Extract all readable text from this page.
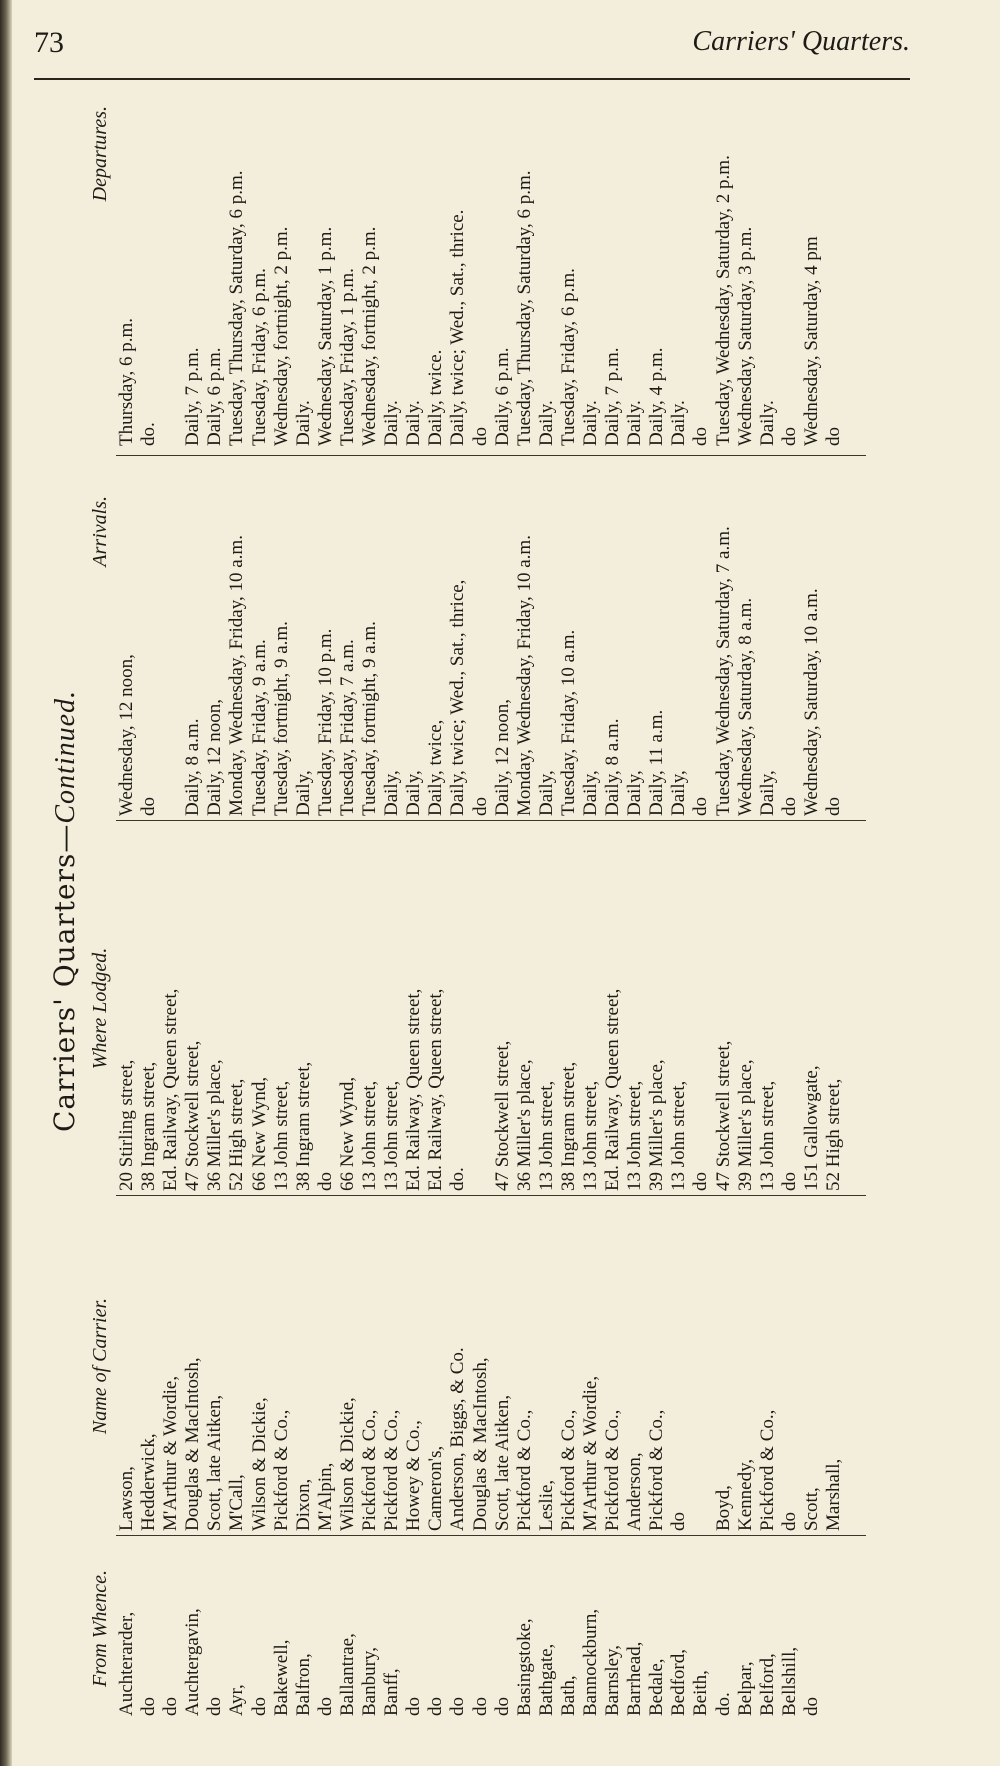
73	Carriers' Quarters.
Carriers' Quarters—Continued.
From Whence. Auchterarder, do do Auchtergavin, do Ayr, do Bakewell, Balfron, do Ballantrae, Banbury, Banff, do do do do do Basingstoke, Bathgate, Bath, Bannockburn, Barnsley, Barrhead, Bedale, Bedford, Beith, do. Belpar, Belford, Bellshill, do
Name of Carrier.
Lawson, Hedderwick, M'Arthur & Wordie, Douglas & MacIntosh, Scott, late Aitken, M'Call, Wilson & Dickie, Pickford & Co., Dixon, M'Alpin, Wilson & Dickie, Pickford & Co., Pickford & Co., Howey & Co., Cameron's, Anderson, Biggs, & Co. Douglas & MacIntosh, Scott, late Aitken, Pickford & Co., Leslie, Pickford & Co., M'Arthur & Wordie, Pickford & Co., Anderson, Pickford & Co., do Boyd, Kennedy, Pickford & Co., do Scott, Marshall,
Where Lodged.
20 Stirling street, 38 Ingram street, Ed. Railway, Queen street, 47 Stockwell street, 36 Miller's place, 52 High street, 66 New Wynd, 13 John street, 38 Ingram street, do 66 New Wynd, 13 John street, 13 John street, Ed. Railway, Queen street, Ed. Railway, Queen street, do. 47 Stockwell street, 36 Miller's place, 13 John street, 38 Ingram street, 13 John street, Ed. Railway, Queen street, 13 John street, 39 Miller's place, 13 John street, do 47 Stockwell street, 39 Miller's place, 13 John street, do 151 Gallowgate, 52 High street,
Arrivals.
Wednesday, 12 noon, do Daily, 8 a.m. Daily, 12 noon, Monday, Wednesday, Friday, 10 a.m. Tuesday, Friday, 9 a.m. Tuesday, fortnight, 9 a.m. Daily, Tuesday, Friday, 10 p.m. Tuesday, Friday, 7 a.m. Tuesday, fortnight, 9 a.m. Daily, Daily, Daily, twice, Daily, twice; Wed., Sat., thrice, do Daily, 12 noon, Monday, Wednesday, Friday, 10 a.m. Daily, Tuesday, Friday, 10 a.m. Daily, Daily, 8 a.m. Daily, Daily, 11 a.m. Daily, do Tuesday, Wednesday, Saturday, 7 a.m. Wednesday, Saturday, 8 a.m. Daily, do Wednesday, Saturday, 10 a.m. do
Departures.
Thursday, 6 p.m. do. Daily, 7 p.m. Daily, 6 p.m. Tuesday, Thursday, Saturday, 6 p.m. Tuesday, Friday, 6 p.m. Wednesday, fortnight, 2 p.m. Daily. Wednesday, Saturday, 1 p.m. Tuesday, Friday, 1 p.m. Wednesday, fortnight, 2 p.m. Daily. Daily. Daily, twice. Daily, twice; Wed., Sat., thrice. do Daily, 6 p.m. Tuesday, Thursday, Saturday, 6 p.m. Daily. Tuesday, Friday, 6 p.m. Daily. Daily, 7 p.m. Daily. Daily, 4 p.m. Daily. do Tuesday, Wednesday, Saturday, 2 p.m. Wednesday, Saturday, 3 p.m. Daily. do Wednesday, Saturday, 4 pm do
